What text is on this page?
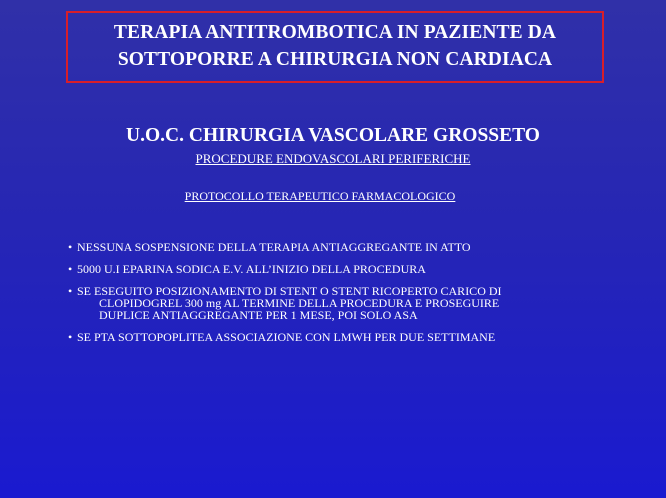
TERAPIA ANTITROMBOTICA IN PAZIENTE DA
SOTTOPORRE A CHIRURGIA NON CARDIACA
U.O.C. CHIRURGIA VASCOLARE GROSSETO
PROCEDURE ENDOVASCOLARI PERIFERICHE
PROTOCOLLO TERAPEUTICO FARMACOLOGICO
• NESSUNA SOSPENSIONE DELLA TERAPIA ANTIAGGREGANTE IN ATTO
• 5000 U.I EPARINA SODICA E.V. ALL’INIZIO DELLA PROCEDURA
• SE ESEGUITO POSIZIONAMENTO DI STENT O STENT RICOPERTO CARICO DI
CLOPIDOGREL 300 mg AL TERMINE DELLA PROCEDURA E PROSEGUIRE
DUPLICE ANTIAGGREGANTE PER 1 MESE, POI SOLO ASA
• SE PTA SOTTOPOPLITEA ASSOCIAZIONE CON LMWH PER DUE SETTIMANE
